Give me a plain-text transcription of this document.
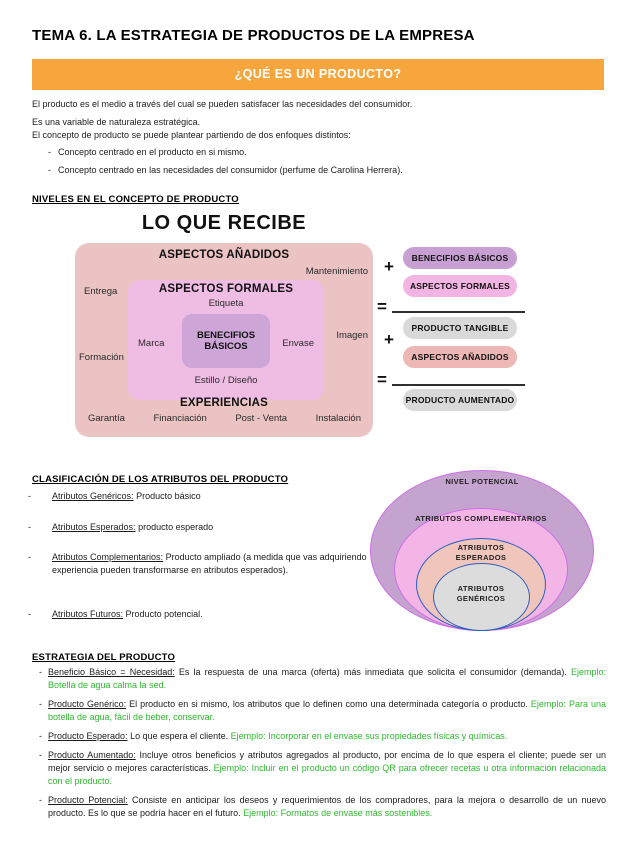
TEMA 6. LA ESTRATEGIA DE PRODUCTOS DE LA EMPRESA
¿QUÉ ES UN PRODUCTO?

El producto es el medio a través del cual se pueden satisfacer las necesidades del consumidor.

Es una variable de naturaleza estratégica.

El concepto de producto se puede plantear partiendo de dos enfoques distintos:

- Concepto centrado en el producto en si mismo.
- Concepto centrado en las necesidades del consumidor (perfume de Carolina Herrera).
NIVELES EN EL CONCEPTO DE PRODUCTO
LO QUE RECIBE
ASPECTOS AÑADIDOS
Mantenimiento
Entrega
Formación
Imagen
ASPECTOS FORMALES
Etiqueta
Marca	Envase
Estillo / Diseño
BENECIFIOS BÁSICOS
EXPERIENCIAS
Garantía	Financiación	Post - Venta	Instalación
BENECIFIOS BÁSICOS
+
ASPECTOS FORMALES
=
PRODUCTO TANGIBLE
+
ASPECTOS AÑADIDOS
=
PRODUCTO AUMENTADO
CLASIFICACIÓN DE LOS ATRIBUTOS DEL PRODUCTO
- Atributos Genéricos: Producto básico
- Atributos Esperados: producto esperado
- Atributos Complementarios: Producto ampliado (a medida que vas adquiriendo experiencia pueden transformarse en atributos esperados).
- Atributos Futuros: Producto potencial.
NIVEL POTENCIAL
ATRIBUTOS COMPLEMENTARIOS
ATRIBUTOS ESPERADOS
ATRIBUTOS GENÉRICOS
ESTRATEGIA DEL PRODUCTO
- Beneficio Básico = Necesidad: Es la respuesta de una marca (oferta) más inmediata que solicita el consumidor (demanda). Ejemplo: Botella de agua calma la sed.
- Producto Genérico: El producto en si mismo, los atributos que lo definen como una determinada categoría o producto. Ejemplo: Para una botella de agua, fácil de beber, conservar.
- Producto Esperado: Lo que espera el cliente. Ejemplo: Incorporar en el envase sus propiedades físicas y químicas.
- Producto Aumentado: Incluye otros beneficios y atributos agregados al producto, por encima de lo que espera el cliente; puede ser un mejor servicio o mejores características. Ejemplo: Incluir en el producto un código QR para ofrecer recetas u otra información relacionada con el producto.
- Producto Potencial: Consiste en anticipar los deseos y requerimientos de los compradores, para la mejora o desarrollo de un nuevo producto. Es lo que se podría hacer en el futuro. Ejemplo: Formatos de envase más sostenibles.
